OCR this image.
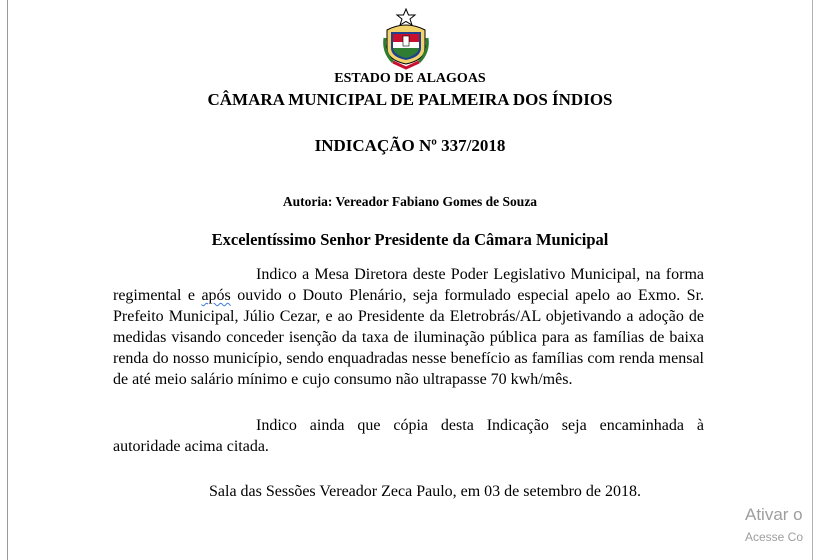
ESTADO DE ALAGOAS
CÂMARA MUNICIPAL DE PALMEIRA DOS ÍNDIOS
INDICAÇÃO Nº 337/2018
Autoria: Vereador Fabiano Gomes de Souza
Excelentíssimo Senhor Presidente da Câmara Municipal
Indico a Mesa Diretora deste Poder Legislativo Municipal, na forma regimental e após ouvido o Douto Plenário, seja formulado especial apelo ao Exmo. Sr. Prefeito Municipal, Júlio Cezar, e ao Presidente da Eletrobrás/AL objetivando a adoção de medidas visando conceder isenção da taxa de iluminação pública para as famílias de baixa renda do nosso município, sendo enquadradas nesse benefício as famílias com renda mensal de até meio salário mínimo e cujo consumo não ultrapasse 70 kwh/mês.
Indico ainda que cópia desta Indicação seja encaminhada à autoridade acima citada.
Sala das Sessões Vereador Zeca Paulo, em 03 de setembro de 2018.
Ativar o
Acesse Co
